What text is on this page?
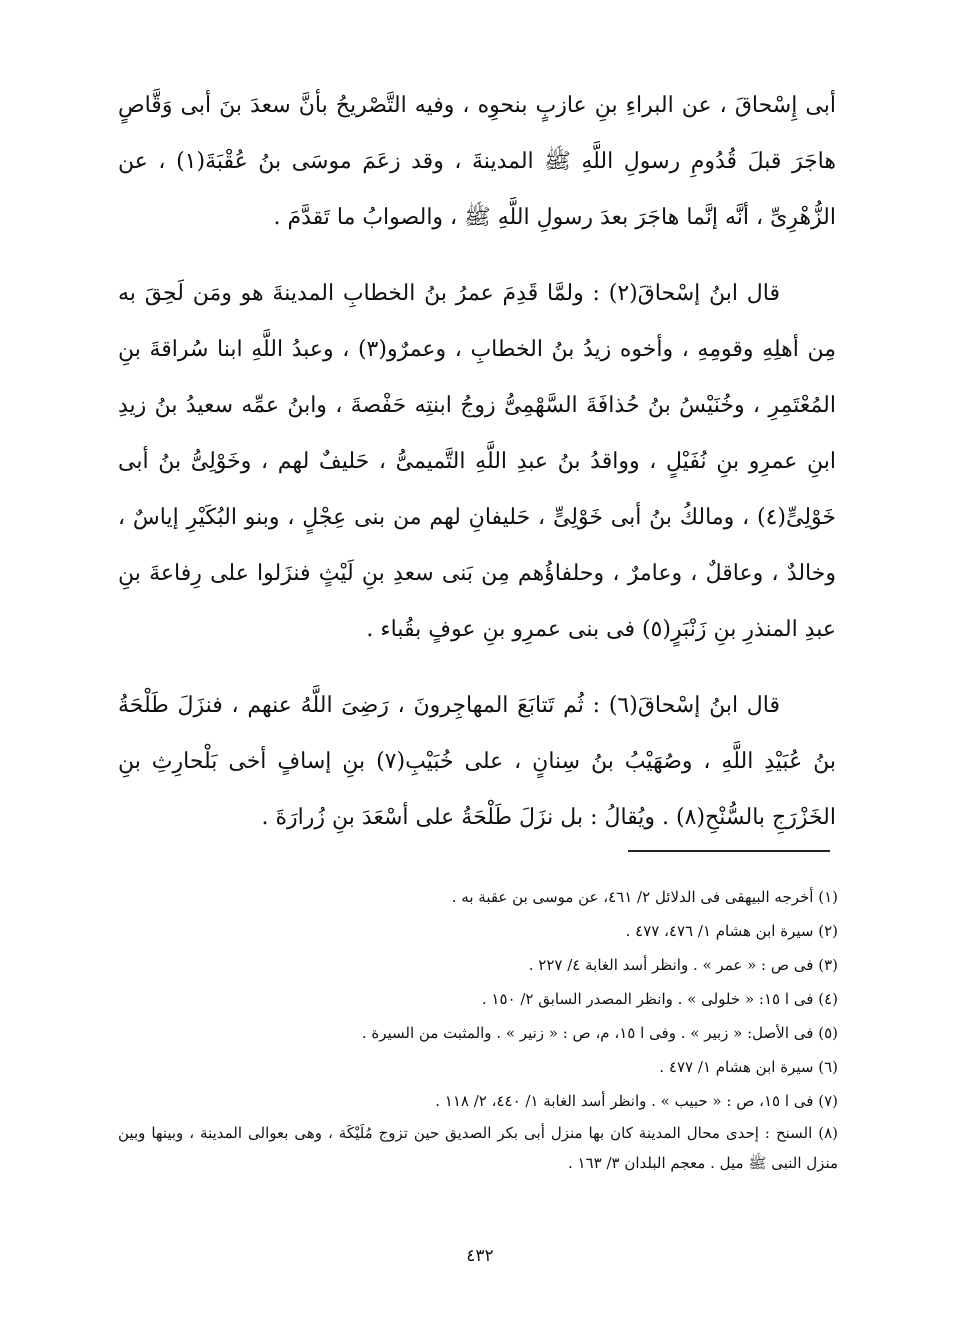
أبى إِسْحاقَ ، عن البراءِ بنِ عازبٍ بنحوِه ، وفيه التَّصْريحُ بأنَّ سعدَ بنَ أبى وَقَّاصٍ هاجَرَ قبلَ قُدُومِ رسولِ اللَّهِ ﷺ المدينةَ ، وقد زعَمَ موسَى بنُ عُقْبَةَ(١) ، عن الزُّهْرِىِّ ، أنَّه إنَّما هاجَرَ بعدَ رسولِ اللَّهِ ﷺ ، والصوابُ ما تَقدَّمَ .

قال ابنُ إسْحاقَ(٢) : ولمَّا قَدِمَ عمرُ بنُ الخطابِ المدينةَ هو ومَن لَحِقَ به مِن أهلِهِ وقومِهِ ، وأخوه زيدُ بنُ الخطابِ ، وعمرٌو(٣) ، وعبدُ اللَّهِ ابنا سُراقةَ بنِ المُعْتَمِرِ ، وخُنَيْسُ بنُ حُذافَةَ السَّهْمِىُّ زوجُ ابنتِه حَفْصةَ ، وابنُ عمِّه سعيدُ بنُ زيدِ ابنِ عمرِو بنِ نُفَيْلٍ ، وواقدُ بنُ عبدِ اللَّهِ التَّميمىُّ ، حَليفٌ لهم ، وخَوْلِىُّ بنُ أبى خَوْلِىٍّ(٤) ، ومالكُ بنُ أبى خَوْلِىٍّ ، حَليفانِ لهم من بنى عِجْلٍ ، وبنو البُكَيْرِ إياسٌ ، وخالدٌ ، وعاقلٌ ، وعامرٌ ، وحلفاؤُهم مِن بَنى سعدِ بنِ لَيْثٍ فنزَلوا على رِفاعةَ بنِ عبدِ المنذرِ بنِ زَنْبَرٍ(٥) فى بنى عمرِو بنِ عوفٍ بقُباء .

قال ابنُ إسْحاقَ(٦) : ثُم تَتابَعَ المهاجِرونَ ، رَضِىَ اللَّهُ عنهم ، فنزَلَ طَلْحَةُ بنُ عُبَيْدِ اللَّهِ ، وصُهَيْبُ بنُ سِنانٍ ، على خُبَيْبِ(٧) بنِ إسافٍ أخى بَلْحارِثِ بنِ الخَزْرَجِ بالسُّنْحِ(٨) . ويُقالُ : بل نزَلَ طَلْحَةُ على أسْعَدَ بنِ زُرارَةَ .

(١) أخرجه البيهقى فى الدلائل ٢/ ٤٦١، عن موسى بن عقبة به .

(٢) سيرة ابن هشام ١/ ٤٧٦، ٤٧٧ .

(٣) فى ص : « عمر » . وانظر أسد الغابة ٤/ ٢٢٧ .

(٤) فى ا ١٥: « خلولى » . وانظر المصدر السابق ٢/ ١٥٠ .

(٥) فى الأصل: « زبير » . وفى ا ١٥، م، ص : « زنير » . والمثبت من السيرة .

(٦) سيرة ابن هشام ١/ ٤٧٧ .

(٧) فى ا ١٥، ص : « حبيب » . وانظر أسد الغابة ١/ ٤٤٠، ٢/ ١١٨ .

(٨) السنح : إحدى محال المدينة كان بها منزل أبى بكر الصديق حين تزوج مُلَيْكَة ، وهى بعوالى المدينة ، وبينها وبين منزل النبى ﷺ ميل . معجم البلدان ٣/ ١٦٣ .

٤٣٢
